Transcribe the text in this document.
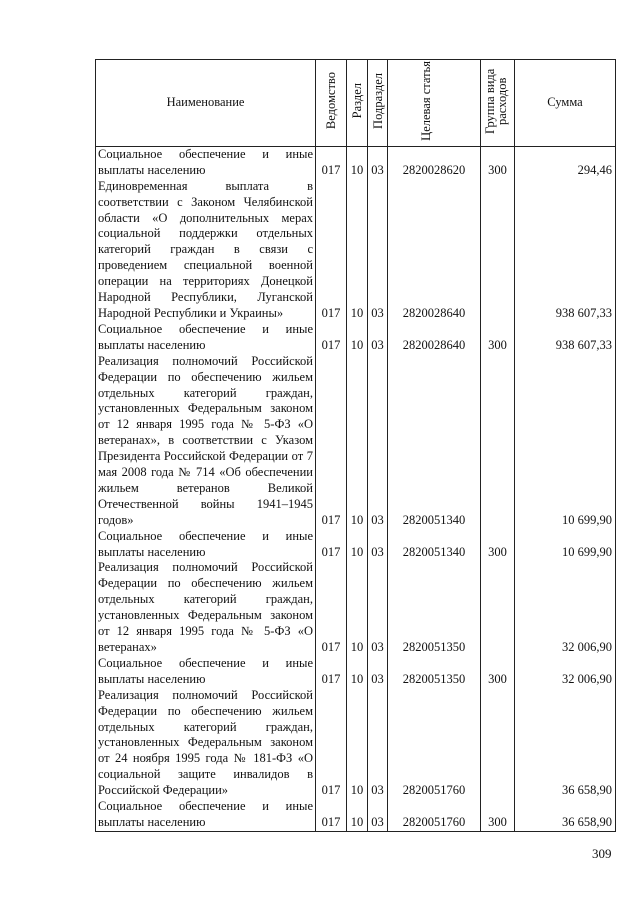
Наименование	Ведомство	Раздел	Подраздел	Целевая статья	Группа вида расходов	Сумма
Социальное обеспечение и иные выплаты населению	017	10	03	2820028620	300	294,46
Единовременная выплата в соответствии с Законом Челябинской области «О дополнительных мерах социальной поддержки отдельных категорий граждан в связи с проведением специальной военной операции на территориях Донецкой Народной Республики, Луганской Народной Республики и Украины»	017	10	03	2820028640		938 607,33
Социальное обеспечение и иные выплаты населению	017	10	03	2820028640	300	938 607,33
Реализация полномочий Российской Федерации по обеспечению жильем отдельных категорий граждан, установленных Федеральным законом от 12 января 1995 года № 5-ФЗ «О ветеранах», в соответствии с Указом Президента Российской Федерации от 7 мая 2008 года № 714 «Об обеспечении жильем ветеранов Великой Отечественной войны 1941–1945 годов»	017	10	03	2820051340		10 699,90
Социальное обеспечение и иные выплаты населению	017	10	03	2820051340	300	10 699,90
Реализация полномочий Российской Федерации по обеспечению жильем отдельных категорий граждан, установленных Федеральным законом от 12 января 1995 года № 5-ФЗ «О ветеранах»	017	10	03	2820051350		32 006,90
Социальное обеспечение и иные выплаты населению	017	10	03	2820051350	300	32 006,90
Реализация полномочий Российской Федерации по обеспечению жильем отдельных категорий граждан, установленных Федеральным законом от 24 ноября 1995 года № 181-ФЗ «О социальной защите инвалидов в Российской Федерации»	017	10	03	2820051760		36 658,90
Социальное обеспечение и иные выплаты населению	017	10	03	2820051760	300	36 658,90
309
